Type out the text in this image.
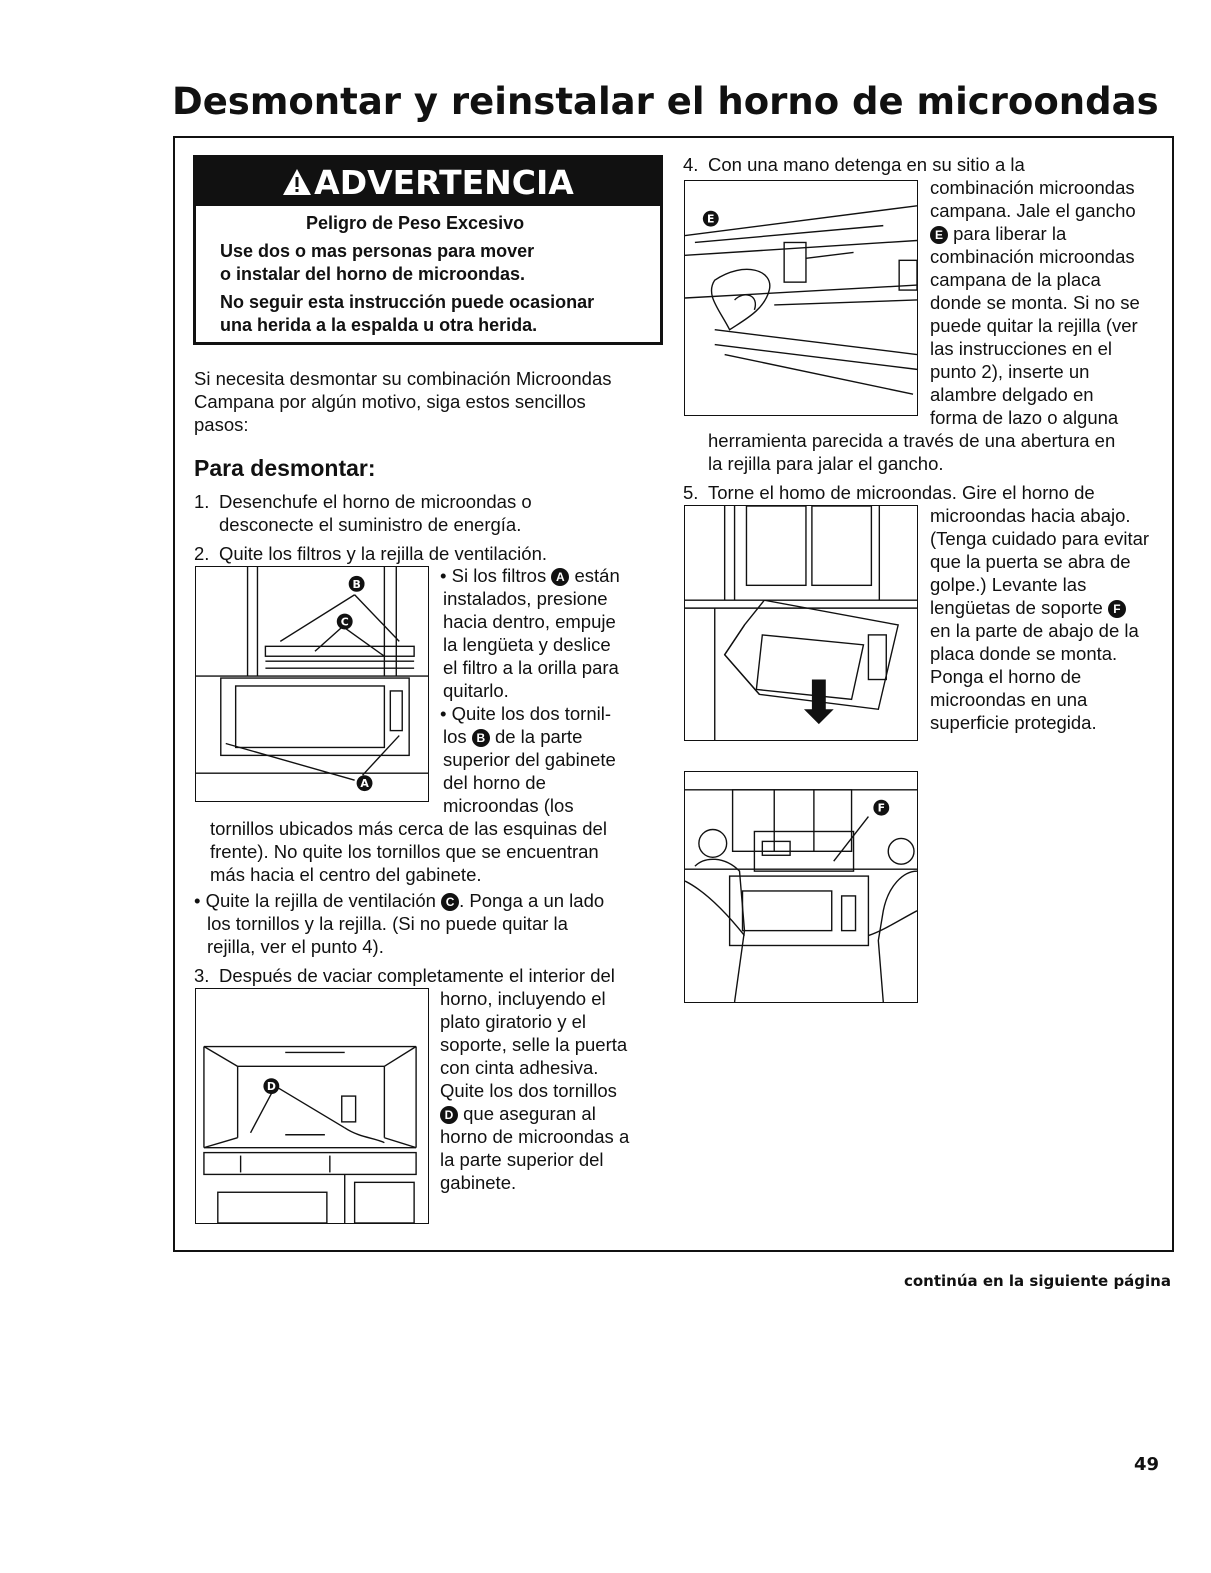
Desmontar y reinstalar el horno de microondas
ADVERTENCIA
Peligro de Peso Excesivo
Use dos o mas personas para mover
o instalar del horno de microondas.
No seguir esta instrucción puede ocasionar
una herida a la espalda u otra herida.

Si necesita desmontar su combinación Microondas

Campana por algún motivo, siga estos sencillos

pasos:

Para desmontar:

1. Desenchufe el horno de microondas o

desconecte el suministro de energía.

2. Quite los filtros y la rejilla de ventilación.

B
C
A

• Si los filtros A están

instalados, presione

hacia dentro, empuje

la lengüeta y deslice

el filtro a la orilla para

quitarlo.

• Quite los dos tornil-

los B de la parte

superior del gabinete

del horno de

microondas (los

tornillos ubicados más cerca de las esquinas del

frente). No quite los tornillos que se encuentran

más hacia el centro del gabinete.

• Quite la rejilla de ventilación C . Ponga a un lado

los tornillos y la rejilla. (Si no puede quitar la

rejilla, ver el punto 4).

3. Después de vaciar completamente el interior del

D

horno, incluyendo el

plato giratorio y el

soporte, selle la puerta

con cinta adhesiva.

Quite los dos tornillos

D que aseguran al

horno de microondas a

la parte superior del

gabinete.

4. Con una mano detenga en su sitio a la

E

combinación microondas

campana. Jale el gancho

E para liberar la

combinación microondas

campana de la placa

donde se monta. Si no se

puede quitar la rejilla (ver

las instrucciones en el

punto 2), inserte un

alambre delgado en

forma de lazo o alguna

herramienta parecida a través de una abertura en

la rejilla para jalar el gancho.

5. Torne el homo de microondas. Gire el horno de

microondas hacia abajo.

(Tenga cuidado para evitar

que la puerta se abra de

golpe.) Levante las

lengüetas de soporte F

en la parte de abajo de la

placa donde se monta.

Ponga el horno de

microondas en una

superficie protegida.

F
continúa en la siguiente página
49
